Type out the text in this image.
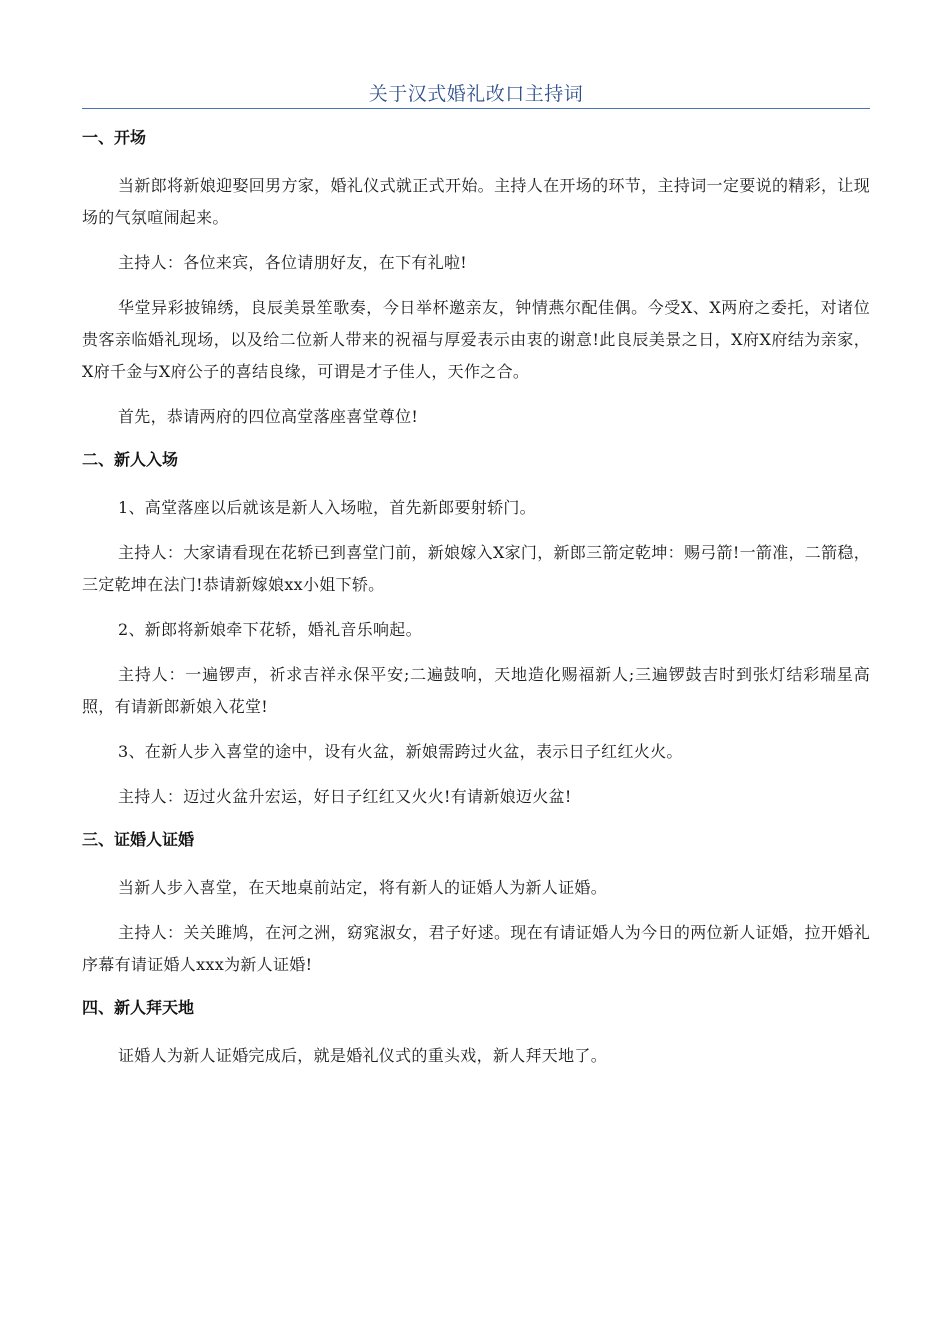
关于汉式婚礼改口主持词
一、开场

当新郎将新娘迎娶回男方家，婚礼仪式就正式开始。主持人在开场的环节，主持词一定要说的精彩，让现场的气氛喧闹起来。

主持人：各位来宾，各位请朋好友，在下有礼啦!

华堂异彩披锦绣，良辰美景笙歌奏，今日举杯邀亲友，钟情燕尔配佳偶。今受X、X两府之委托，对诸位贵客亲临婚礼现场，以及给二位新人带来的祝福与厚爱表示由衷的谢意!此良辰美景之日，X府X府结为亲家，X府千金与X府公子的喜结良缘，可谓是才子佳人，天作之合。

首先，恭请两府的四位高堂落座喜堂尊位!

二、新人入场

1、高堂落座以后就该是新人入场啦，首先新郎要射轿门。

主持人：大家请看现在花轿已到喜堂门前，新娘嫁入X家门，新郎三箭定乾坤：赐弓箭!一箭准，二箭稳，三定乾坤在法门!恭请新嫁娘xx小姐下轿。

2、新郎将新娘牵下花轿，婚礼音乐响起。

主持人：一遍锣声，祈求吉祥永保平安;二遍鼓响，天地造化赐福新人;三遍锣鼓吉时到张灯结彩瑞星高照，有请新郎新娘入花堂!

3、在新人步入喜堂的途中，设有火盆，新娘需跨过火盆，表示日子红红火火。

主持人：迈过火盆升宏运，好日子红红又火火!有请新娘迈火盆!

三、证婚人证婚

当新人步入喜堂，在天地桌前站定，将有新人的证婚人为新人证婚。

主持人：关关雎鸠，在河之洲，窈窕淑女，君子好逑。现在有请证婚人为今日的两位新人证婚，拉开婚礼序幕有请证婚人xxx为新人证婚!

四、新人拜天地

证婚人为新人证婚完成后，就是婚礼仪式的重头戏，新人拜天地了。
